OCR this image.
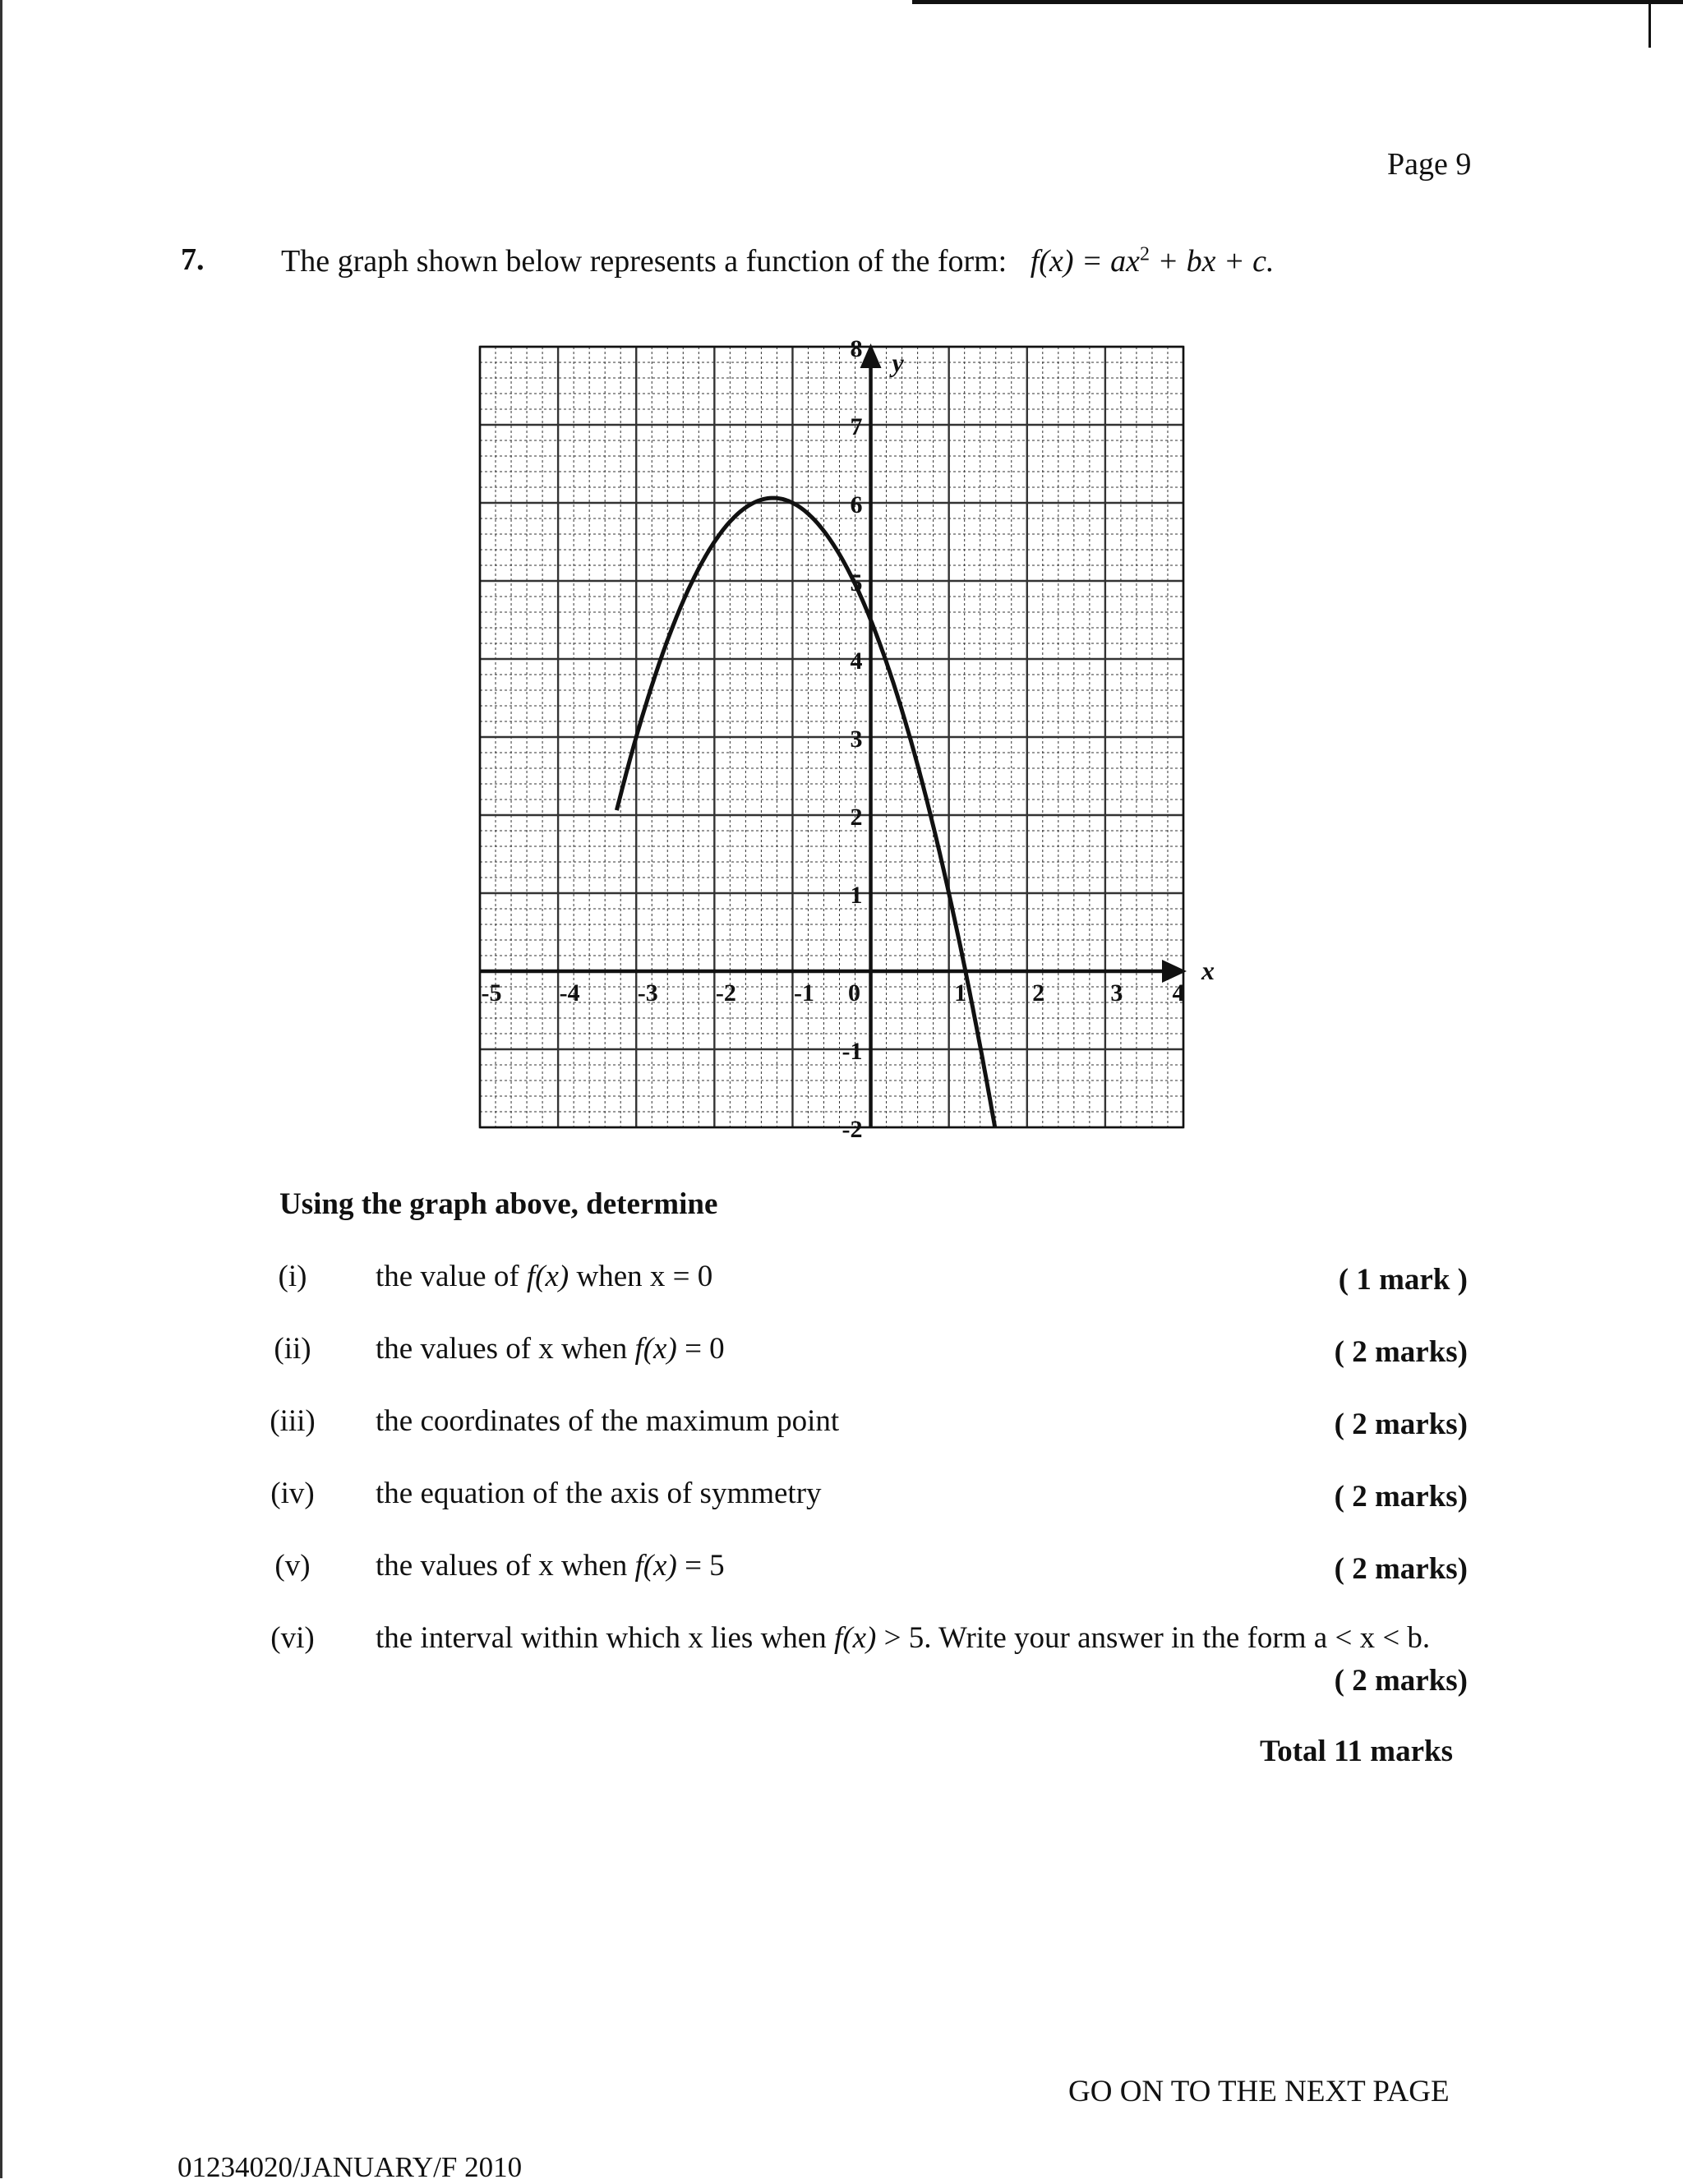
Page 9
7. The graph shown below represents a function of the form: $f(x) = ax^2$ + bx + c.
-5 -4 -3 -2 -1 0	1	2	3 4
-2
-1
1
2
3
4
5
6
7
8
x
y
Using the graph above, determine
(i)	the value of f(x) when x = 0	( 1 mark )
(ii)	the values of x when f(x) = 0	( 2 marks)
(iii)	the coordinates of the maximum point	( 2 marks)
(iv)	the equation of the axis of symmetry	( 2 marks)
(v)	the values of x when f(x) = 5	( 2 marks)
(vi)	the interval within which x lies when f(x) > 5. Write your answer in the form a < x < b.
( 2 marks)
Total 11 marks
GO ON TO THE NEXT PAGE
01234020/JANUARY/F 2010
